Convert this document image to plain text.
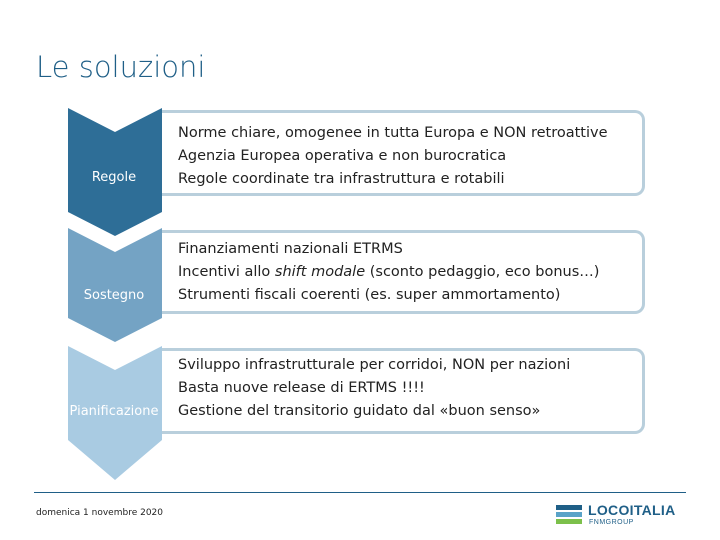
Le soluzioni
Regole
Norme chiare, omogenee in tutta Europa e NON retroattive
Agenzia Europea operativa e non burocratica
Regole coordinate tra infrastruttura e rotabili
Sostegno
Finanziamenti nazionali ETRMS
Incentivi allo shift modale (sconto pedaggio, eco bonus…)
Strumenti fiscali coerenti (es. super ammortamento)
Pianificazione
Sviluppo infrastrutturale per corridoi, NON per nazioni
Basta nuove release di ERTMS !!!!
Gestione del transitorio guidato dal «buon senso»
domenica 1 novembre 2020	LOCOITALIA
FNMGROUP
